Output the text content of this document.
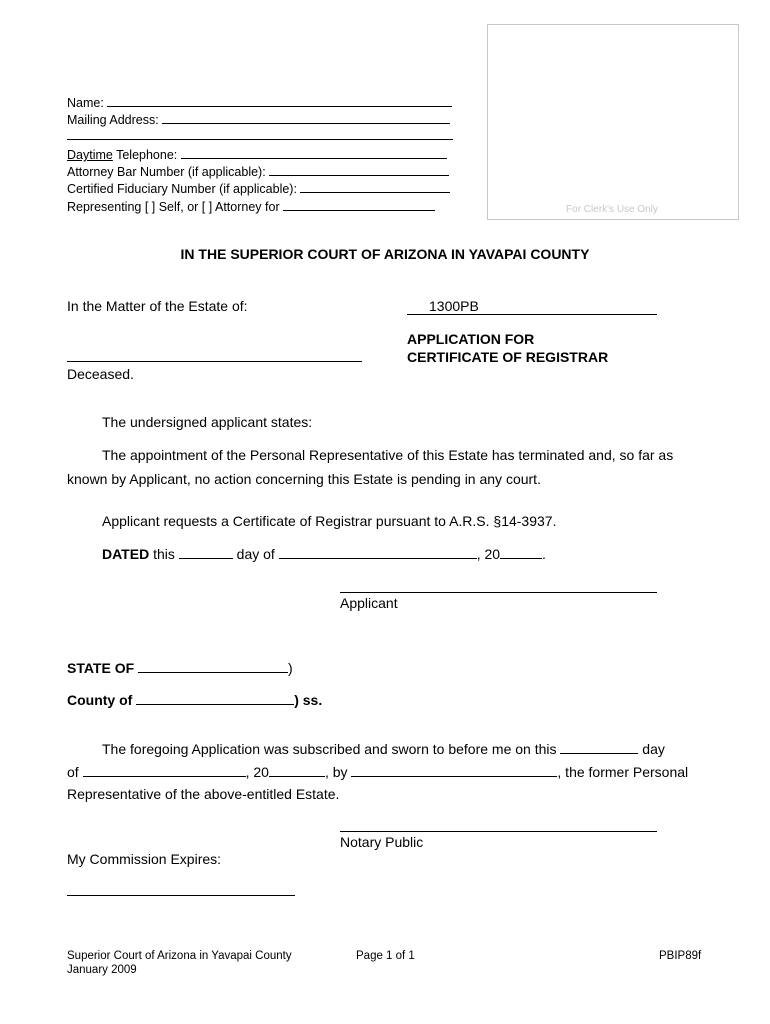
Name:
Mailing Address:
Daytime Telephone:
Attorney Bar Number (if applicable):
Certified Fiduciary Number (if applicable):
Representing [ ] Self, or [ ] Attorney for	For Clerk's Use Only
IN THE SUPERIOR COURT OF ARIZONA IN YAVAPAI COUNTY
In the Matter of the Estate of:	1300PB
APPLICATION FOR
CERTIFICATE OF REGISTRAR
Deceased.
The undersigned applicant states:
The appointment of the Personal Representative of this Estate has terminated and, so far as
known by Applicant, no action concerning this Estate is pending in any court.
Applicant requests a Certificate of Registrar pursuant to A.R.S. §14-3937.
DATED this	day of	, 20	.
Applicant
STATE OF	)
County of	) ss.
The foregoing Application was subscribed and sworn to before me on this	day
of	, 20	, by	, the former Personal
Representative of the above-entitled Estate.
Notary Public
My Commission Expires:
Superior Court of Arizona in Yavapai County
January 2009
Page 1 of 1	PBIP89f
